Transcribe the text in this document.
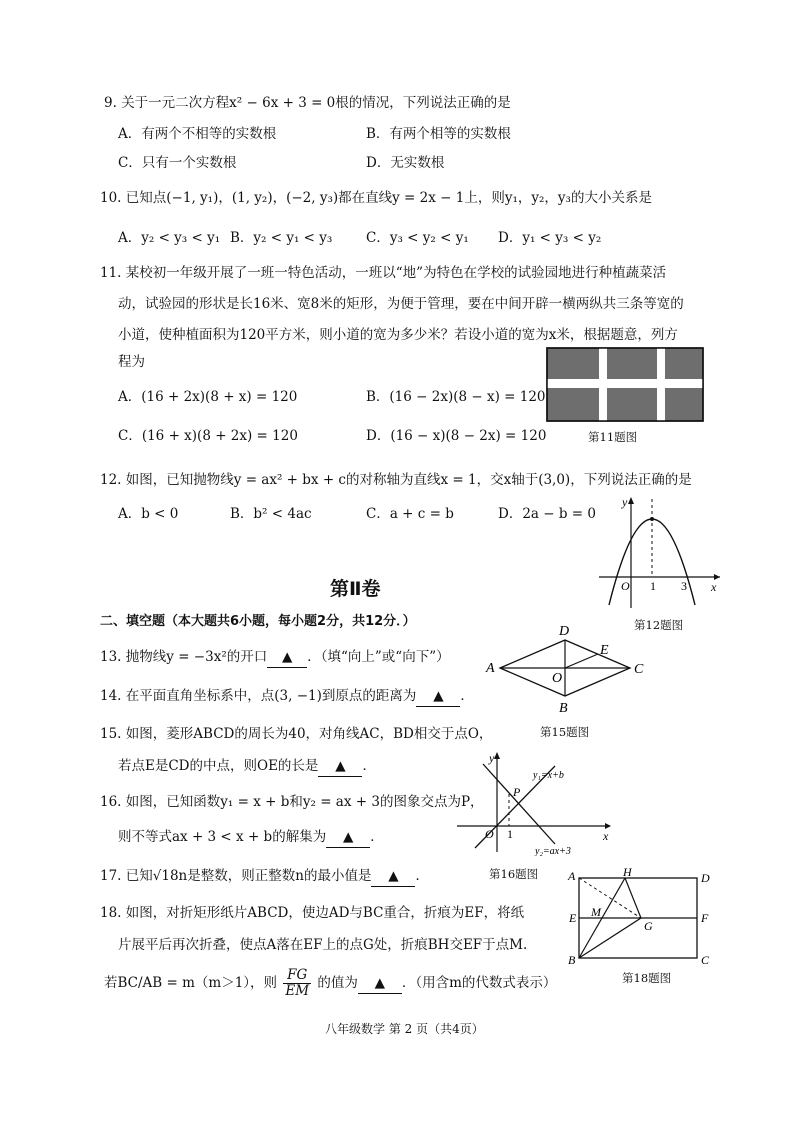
9. 关于一元二次方程x² − 6x + 3 = 0根的情况，下列说法正确的是
A．有两个不相等的实数根	B．有两个相等的实数根
C．只有一个实数根	D．无实数根
10. 已知点(−1, y₁)，(1, y₂)，(−2, y₃)都在直线y = 2x − 1上，则y₁，y₂，y₃的大小关系是
A．y₂ < y₃ < y₁ B．y₂ < y₁ < y₃ C．y₃ < y₂ < y₁ D．y₁ < y₃ < y₂
11. 某校初一年级开展了一班一特色活动，一班以“地”为特色在学校的试验园地进行种植蔬菜活
动，试验园的形状是长16米、宽8米的矩形，为便于管理，要在中间开辟一横两纵共三条等宽的
小道，使种植面积为120平方米，则小道的宽为多少米？若设小道的宽为x米，根据题意，列方
程为
A．(16 + 2x)(8 + x) = 120	B．(16 − 2x)(8 − x) = 120
C．(16 + x)(8 + 2x) = 120	D．(16 − x)(8 − 2x) = 120	第11题图
12. 如图，已知抛物线y = ax² + bx + c的对称轴为直线x = 1，交x轴于(3,0)，下列说法正确的是
A．b < 0	B．b² < 4ac	C．a + c = b	D．2a − b = 0
y
x
O 1 3
第12题图
第Ⅱ卷
二、填空题（本大题共6小题，每小题2分，共12分．）
13. 抛物线y = −3x²的开口 ▲ ．（填“向上”或“向下”）
14. 在平面直角坐标系中，点(3, −1)到原点的距离为 ▲ ．
A
D
C
B
E
O
第15题图
15. 如图，菱形ABCD的周长为40，对角线AC，BD相交于点O，
若点E是CD的中点，则OE的长是 ▲ ．
16. 如图，已知函数y₁ = x + b和y₂ = ax + 3的图象交点为P，
则不等式ax + 3 < x + b的解集为 ▲ ．
y
x
O 1
P
y₁=x+b
y₂=ax+3
第16题图
17. 已知√18n是整数，则正整数n的最小值是 ▲ ．
18. 如图，对折矩形纸片ABCD，使边AD与BC重合，折痕为EF，将纸
片展平后再次折叠，使点A落在EF上的点G处，折痕BH交EF于点M.
若BC/AB = m（m＞1），则 $\frac{FG}{EM}$ 的值为 ▲ ．（用含m的代数式表示）
A	D
B	C
E	F
G
H
M
第18题图
八年级数学 第 2 页（共4页）
